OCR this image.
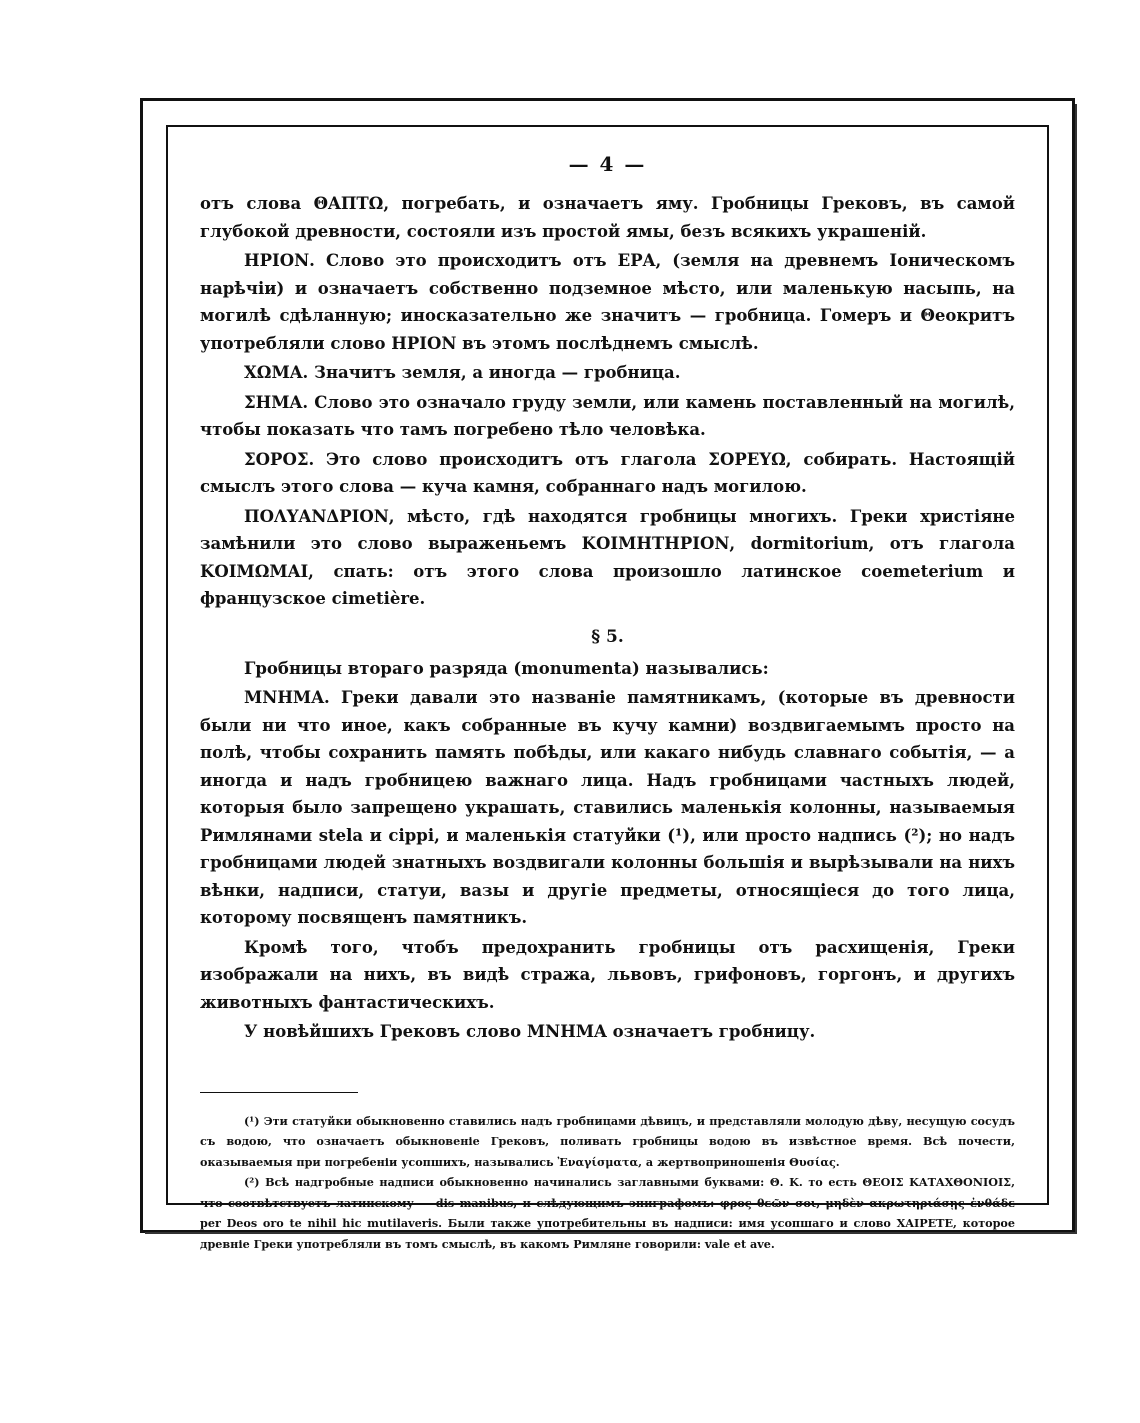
— 4 —

отъ слова ΘΑΠΤΩ, погребать, и означаетъ яму. Гробницы Грековъ, въ самой глубокой древности, состояли изъ простой ямы, безъ всякихъ украшеній.

ΗΡΙΟΝ. Слово это происходитъ отъ ΕΡΑ, (земля на древнемъ Іоническомъ нарѣчіи) и означаетъ собственно подземное мѣсто, или маленькую насыпь, на могилѣ сдѣланную; иносказательно же значитъ — гробница. Гомеръ и Θеокритъ употребляли слово ΗΡΙΟΝ въ этомъ послѣднемъ смыслѣ.

ΧΩΜΑ. Значитъ земля, а иногда — гробница.

ΣΗΜΑ. Слово это означало груду земли, или камень поставленный на могилѣ, чтобы показать что тамъ погребено тѣло человѣка.

ΣΟΡΟΣ. Это слово происходитъ отъ глагола ΣΟΡΕΥΩ, собирать. Настоящій смыслъ этого слова — куча камня, собраннаго надъ могилою.

ΠΟΛΥΑΝΔΡΙΟΝ, мѣсто, гдѣ находятся гробницы многихъ. Греки христіяне замѣнили это слово выраженьемъ ΚΟΙΜΗΤΗΡΙΟΝ, dormitorium, отъ глагола ΚΟΙΜΩΜΑΙ, спать: отъ этого слова произошло латинское coemeterium и французское cimetière.

§ 5.

Гробницы втораго разряда (monumenta) назывались:

ΜΝΗΜΑ. Греки давали это названіе памятникамъ, (которые въ древности были ни что иное, какъ собранные въ кучу камни) воздвигаемымъ просто на полѣ, чтобы сохранить память побѣды, или какаго нибудь славнаго событія, — а иногда и надъ гробницею важнаго лица. Надъ гробницами частныхъ людей, которыя было запрещено украшать, ставились маленькія колонны, называемыя Римлянами stela и cippi, и маленькія статуйки (¹), или просто надпись (²); но надъ гробницами людей знатныхъ воздвигали колонны большія и вырѣзывали на нихъ вѣнки, надписи, статуи, вазы и другіе предметы, относящіеся до того лица, которому посвященъ памятникъ.

Кромѣ того, чтобъ предохранить гробницы отъ расхищенія, Греки изображали на нихъ, въ видѣ стража, львовъ, грифоновъ, горгонъ, и другихъ животныхъ фантастическихъ.

У новѣйшихъ Грековъ слово ΜΝΗΜΑ означаетъ гробницу.

(¹) Эти статуйки обыкновенно ставились надъ гробницами дѣвицъ, и представляли молодую дѣву, несущую сосудъ съ водою, что означаетъ обыкновеніе Грековъ, поливать гробницы водою въ извѣстное время. Всѣ почести, оказываемыя при погребеніи усопшихъ, назывались Ἐναγίσματα, а жертвоприношенія Θυσίας.

(²) Всѣ надгробные надписи обыкновенно начинались заглавными буквами: Θ. Κ. то есть ΘΕΟΙΣ ΚΑΤΑΧΘΟΝΙΟΙΣ, что соотвѣтствуетъ латинскому — dis manibus, и слѣдующимъ эпиграфомъ: φρος θεῶν σοι, μηδὲν ακρωτηριάσῃς ἐνθάδε per Deos oro te nihil hic mutilaveris. Были также употребительны въ надписи: имя усопшаго и слово ΧΑΙΡΕΤΕ, которое древніе Греки употребляли въ томъ смыслѣ, въ какомъ Римляне говорили: vale et ave.
